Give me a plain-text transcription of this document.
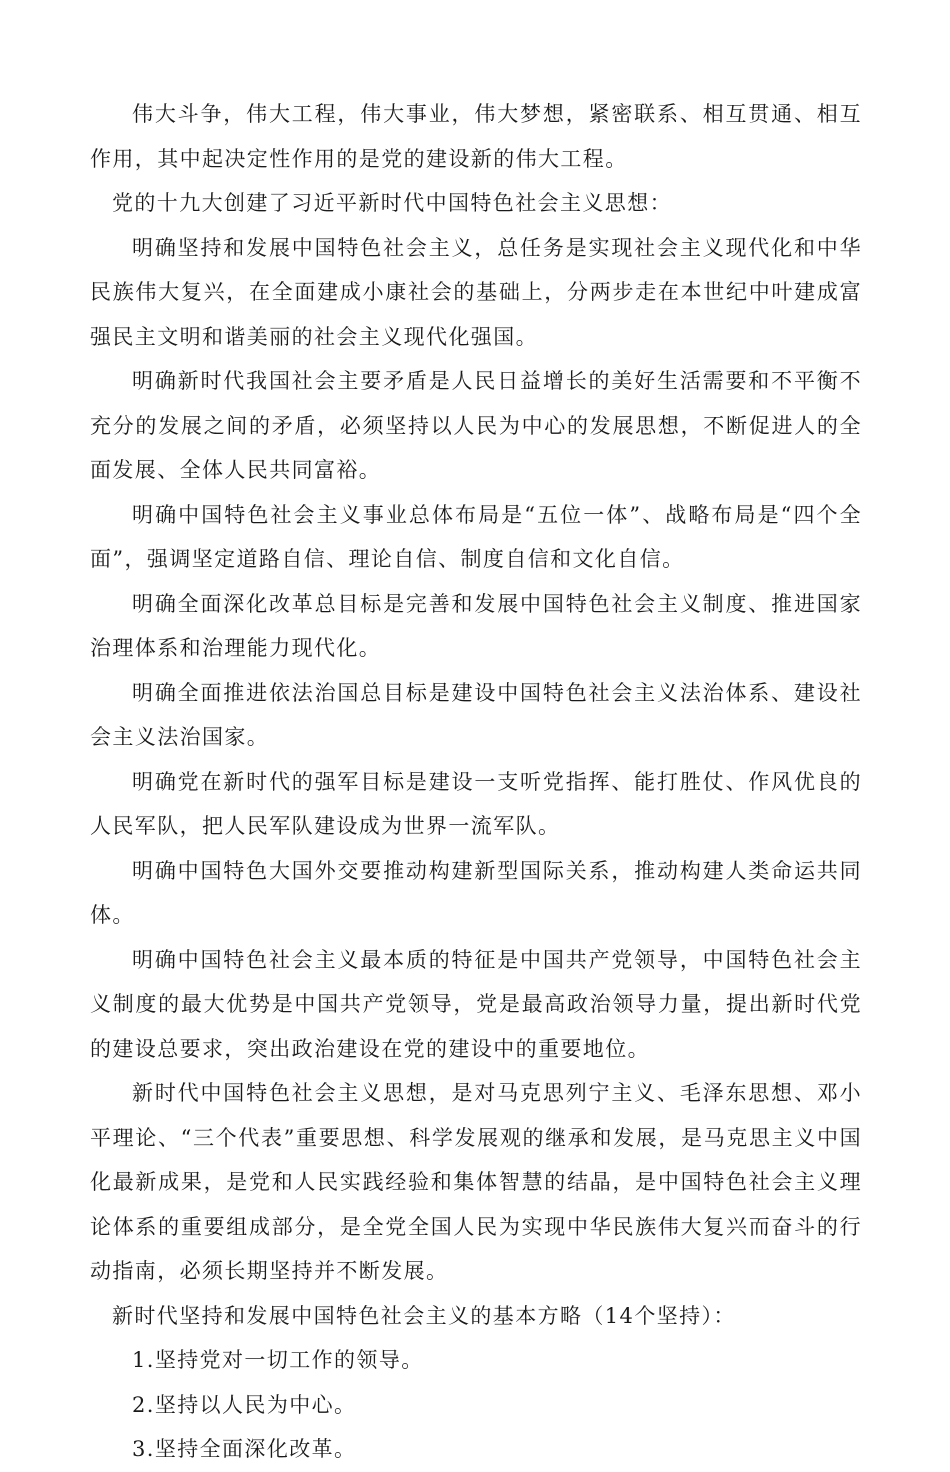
伟大斗争，伟大工程，伟大事业，伟大梦想，紧密联系、相互贯通、相互作用，其中起决定性作用的是党的建设新的伟大工程。

党的十九大创建了习近平新时代中国特色社会主义思想：

明确坚持和发展中国特色社会主义，总任务是实现社会主义现代化和中华民族伟大复兴，在全面建成小康社会的基础上，分两步走在本世纪中叶建成富强民主文明和谐美丽的社会主义现代化强国。

明确新时代我国社会主要矛盾是人民日益增长的美好生活需要和不平衡不充分的发展之间的矛盾，必须坚持以人民为中心的发展思想，不断促进人的全面发展、全体人民共同富裕。

明确中国特色社会主义事业总体布局是“五位一体”、战略布局是“四个全面”，强调坚定道路自信、理论自信、制度自信和文化自信。

明确全面深化改革总目标是完善和发展中国特色社会主义制度、推进国家治理体系和治理能力现代化。

明确全面推进依法治国总目标是建设中国特色社会主义法治体系、建设社会主义法治国家。

明确党在新时代的强军目标是建设一支听党指挥、能打胜仗、作风优良的人民军队，把人民军队建设成为世界一流军队。

明确中国特色大国外交要推动构建新型国际关系，推动构建人类命运共同体。

明确中国特色社会主义最本质的特征是中国共产党领导，中国特色社会主义制度的最大优势是中国共产党领导，党是最高政治领导力量，提出新时代党的建设总要求，突出政治建设在党的建设中的重要地位。

新时代中国特色社会主义思想，是对马克思列宁主义、毛泽东思想、邓小平理论、“三个代表”重要思想、科学发展观的继承和发展，是马克思主义中国化最新成果，是党和人民实践经验和集体智慧的结晶，是中国特色社会主义理论体系的重要组成部分，是全党全国人民为实现中华民族伟大复兴而奋斗的行动指南，必须长期坚持并不断发展。

新时代坚持和发展中国特色社会主义的基本方略（14个坚持）：

1.坚持党对一切工作的领导。

2.坚持以人民为中心。

3.坚持全面深化改革。
